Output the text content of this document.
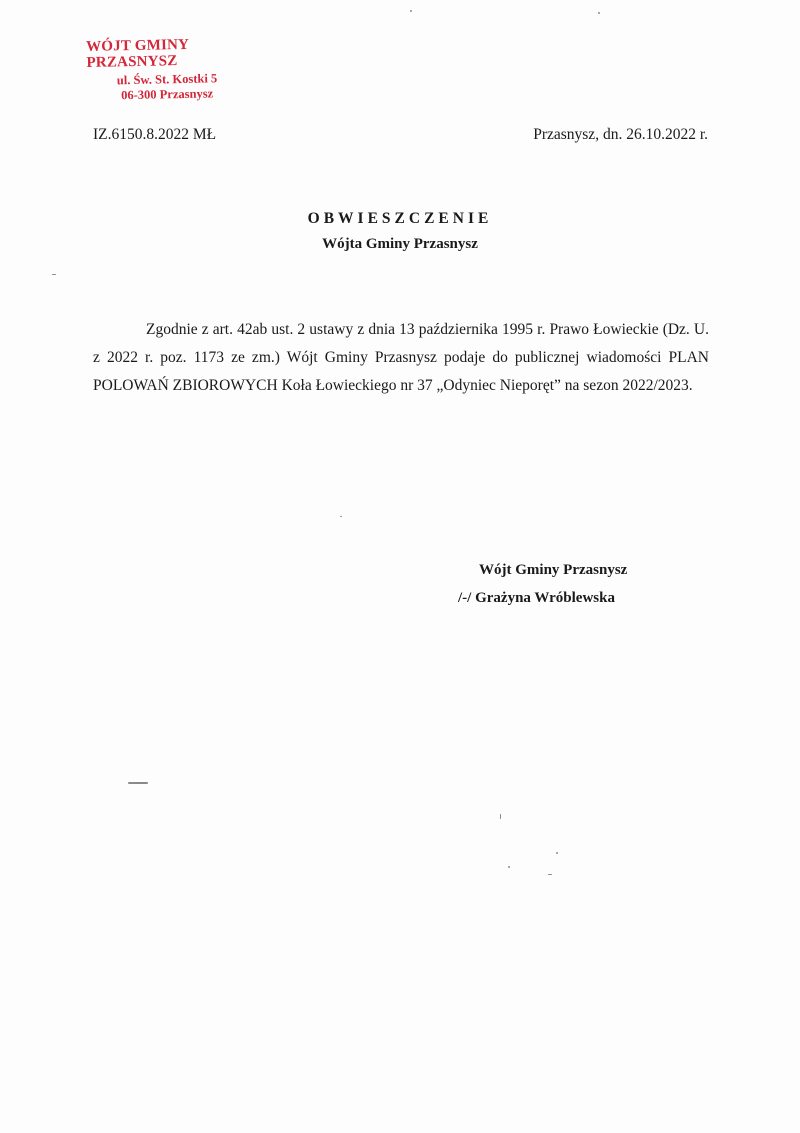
WÓJT GMINY PRZASNYSZ
ul. Św. St. Kostki 5
06-300 Przasnysz
IZ.6150.8.2022 MŁ	Przasnysz, dn. 26.10.2022 r.
OBWIESZCZENIE
Wójta Gminy Przasnysz

Zgodnie z art. 42ab ust. 2 ustawy z dnia 13 października 1995 r. Prawo Łowieckie (Dz. U. z 2022 r. poz. 1173 ze zm.) Wójt Gminy Przasnysz podaje do publicznej wiadomości PLAN POLOWAŃ ZBIOROWYCH Koła Łowieckiego nr 37 „Odyniec Nieporęt” na sezon 2022/2023.

Wójt Gminy Przasnysz
/-/ Grażyna Wróblewska
